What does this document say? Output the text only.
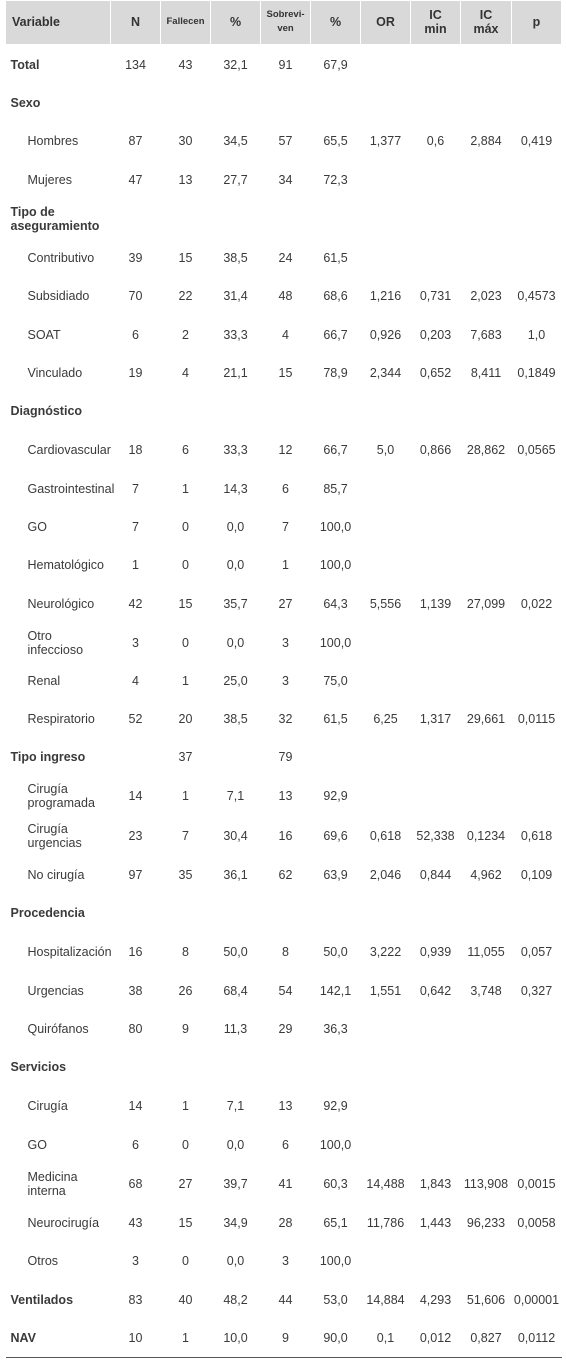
Variable	N	Fallecen	%	Sobrevi-ven	%	OR	IC min	IC máx	p
Total	134	43	32,1	91	67,9				
Sexo									
Hombres	87	30	34,5	57	65,5	1,377	0,6	2,884	0,419
Mujeres	47	13	27,7	34	72,3				
Tipo de aseguramiento									
Contributivo	39	15	38,5	24	61,5				
Subsidiado	70	22	31,4	48	68,6	1,216	0,731	2,023	0,4573
SOAT	6	2	33,3	4	66,7	0,926	0,203	7,683	1,0
Vinculado	19	4	21,1	15	78,9	2,344	0,652	8,411	0,1849
Diagnóstico									
Cardiovascular	18	6	33,3	12	66,7	5,0	0,866	28,862	0,0565
Gastrointestinal	7	1	14,3	6	85,7				
GO	7	0	0,0	7	100,0				
Hematológico	1	0	0,0	1	100,0				
Neurológico	42	15	35,7	27	64,3	5,556	1,139	27,099	0,022
Otro infeccioso	3	0	0,0	3	100,0				
Renal	4	1	25,0	3	75,0				
Respiratorio	52	20	38,5	32	61,5	6,25	1,317	29,661	0,0115
Tipo ingreso		37		79					
Cirugía programada	14	1	7,1	13	92,9				
Cirugía urgencias	23	7	30,4	16	69,6	0,618	52,338	0,1234	0,618
No cirugía	97	35	36,1	62	63,9	2,046	0,844	4,962	0,109
Procedencia									
Hospitalización	16	8	50,0	8	50,0	3,222	0,939	11,055	0,057
Urgencias	38	26	68,4	54	142,1	1,551	0,642	3,748	0,327
Quirófanos	80	9	11,3	29	36,3				
Servicios									
Cirugía	14	1	7,1	13	92,9				
GO	6	0	0,0	6	100,0				
Medicina interna	68	27	39,7	41	60,3	14,488	1,843	113,908	0,0015
Neurocirugía	43	15	34,9	28	65,1	11,786	1,443	96,233	0,0058
Otros	3	0	0,0	3	100,0				
Ventilados	83	40	48,2	44	53,0	14,884	4,293	51,606	0,00001
NAV	10	1	10,0	9	90,0	0,1	0,012	0,827	0,0112
